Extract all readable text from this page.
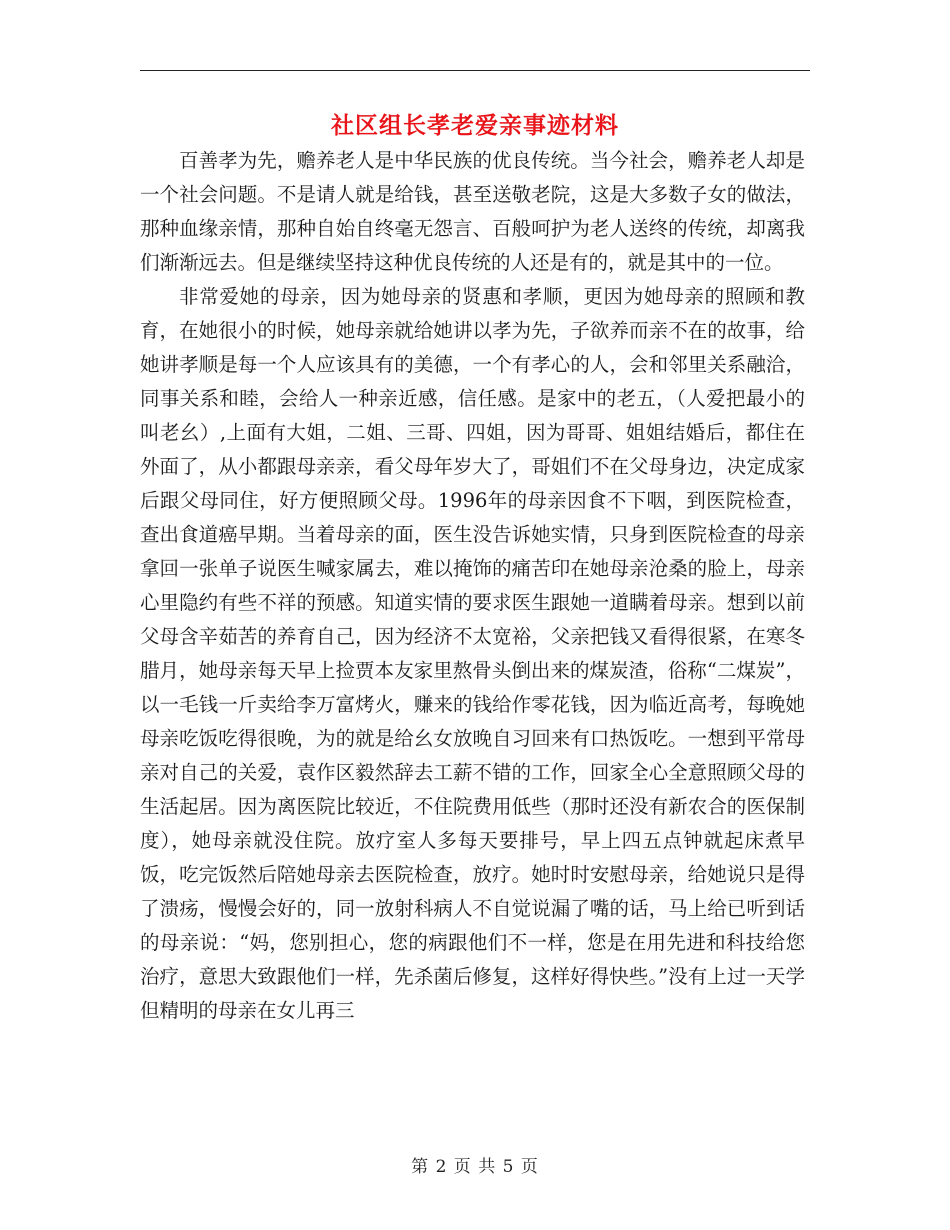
社区组长孝老爱亲事迹材料

百善孝为先，赡养老人是中华民族的优良传统。当今社会，赡养老人却是一个社会问题。不是请人就是给钱，甚至送敬老院，这是大多数子女的做法，那种血缘亲情，那种自始自终毫无怨言、百般呵护为老人送终的传统，却离我们渐渐远去。但是继续坚持这种优良传统的人还是有的，就是其中的一位。

非常爱她的母亲，因为她母亲的贤惠和孝顺，更因为她母亲的照顾和教育，在她很小的时候，她母亲就给她讲以孝为先，子欲养而亲不在的故事，给她讲孝顺是每一个人应该具有的美德，一个有孝心的人，会和邻里关系融洽，同事关系和睦，会给人一种亲近感，信任感。是家中的老五，（人爱把最小的叫老幺）,上面有大姐，二姐、三哥、四姐，因为哥哥、姐姐结婚后，都住在外面了，从小都跟母亲亲，看父母年岁大了，哥姐们不在父母身边，决定成家后跟父母同住，好方便照顾父母。1996年的母亲因食不下咽，到医院检查，查出食道癌早期。当着母亲的面，医生没告诉她实情，只身到医院检查的母亲拿回一张单子说医生喊家属去，难以掩饰的痛苦印在她母亲沧桑的脸上，母亲心里隐约有些不祥的预感。知道实情的要求医生跟她一道瞒着母亲。想到以前父母含辛茹苦的养育自己，因为经济不太宽裕，父亲把钱又看得很紧，在寒冬腊月，她母亲每天早上捡贾本友家里熬骨头倒出来的煤炭渣，俗称“二煤炭”，以一毛钱一斤卖给李万富烤火，赚来的钱给作零花钱，因为临近高考，每晚她母亲吃饭吃得很晚，为的就是给幺女放晚自习回来有口热饭吃。一想到平常母亲对自己的关爱，袁作区毅然辞去工薪不错的工作，回家全心全意照顾父母的生活起居。因为离医院比较近，不住院费用低些（那时还没有新农合的医保制度），她母亲就没住院。放疗室人多每天要排号，早上四五点钟就起床煮早饭，吃完饭然后陪她母亲去医院检查，放疗。她时时安慰母亲，给她说只是得了溃疡，慢慢会好的，同一放射科病人不自觉说漏了嘴的话，马上给已听到话的母亲说：“妈，您别担心，您的病跟他们不一样，您是在用先进和科技给您治疗，意思大致跟他们一样，先杀菌后修复，这样好得快些。”没有上过一天学但精明的母亲在女儿再三

第 2 页 共 5 页
